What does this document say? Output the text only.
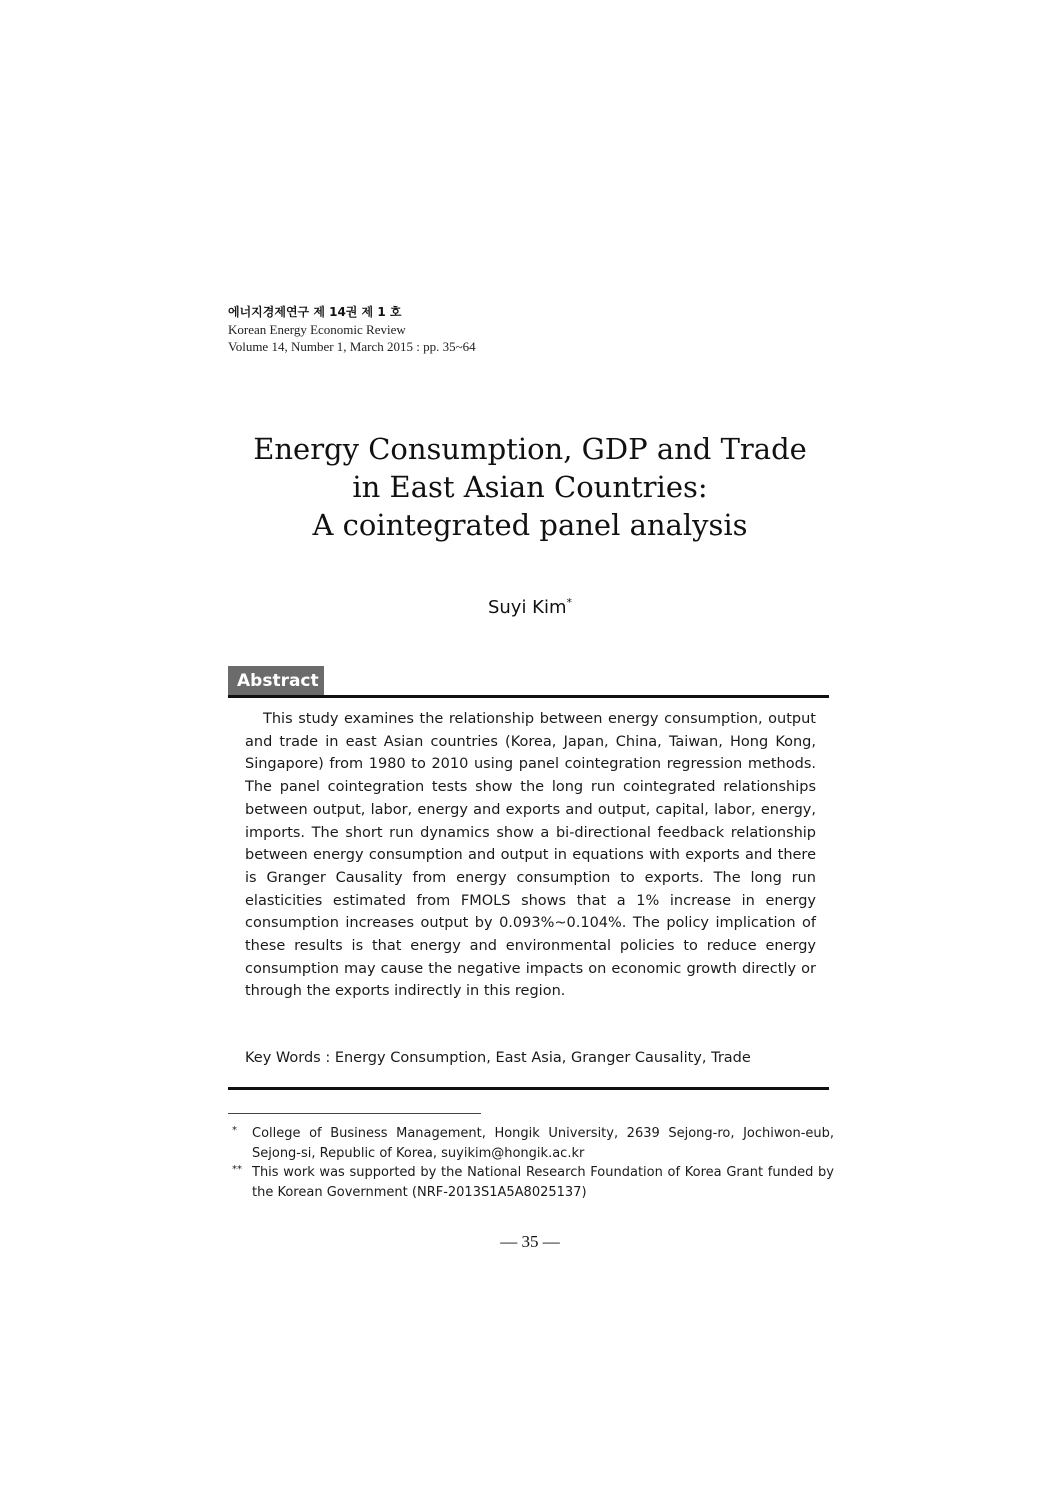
에너지경제연구 제 14권 제 1 호
Korean Energy Economic Review
Volume 14, Number 1, March 2015 : pp. 35~64
Energy Consumption, GDP and Trade
in East Asian Countries:
A cointegrated panel analysis
Suyi Kim*
Abstract
This study examines the relationship between energy consumption, output and trade in east Asian countries (Korea, Japan, China, Taiwan, Hong Kong, Singapore) from 1980 to 2010 using panel cointegration regression methods. The panel cointegration tests show the long run cointegrated relationships between output, labor, energy and exports and output, capital, labor, energy, imports. The short run dynamics show a bi-directional feedback relationship between energy consumption and output in equations with exports and there is Granger Causality from energy consumption to exports. The long run elasticities estimated from FMOLS shows that a 1% increase in energy consumption increases output by 0.093%~0.104%. The policy implication of these results is that energy and environmental policies to reduce energy consumption may cause the negative impacts on economic growth directly or through the exports indirectly in this region.
Key Words : Energy Consumption, East Asia, Granger Causality, Trade
*	College of Business Management, Hongik University, 2639 Sejong-ro, Jochiwon-eub, Sejong-si, Republic of Korea, suyikim@hongik.ac.kr
** This work was supported by the National Research Foundation of Korea Grant funded by the Korean Government (NRF-2013S1A5A8025137)
— 35 —
